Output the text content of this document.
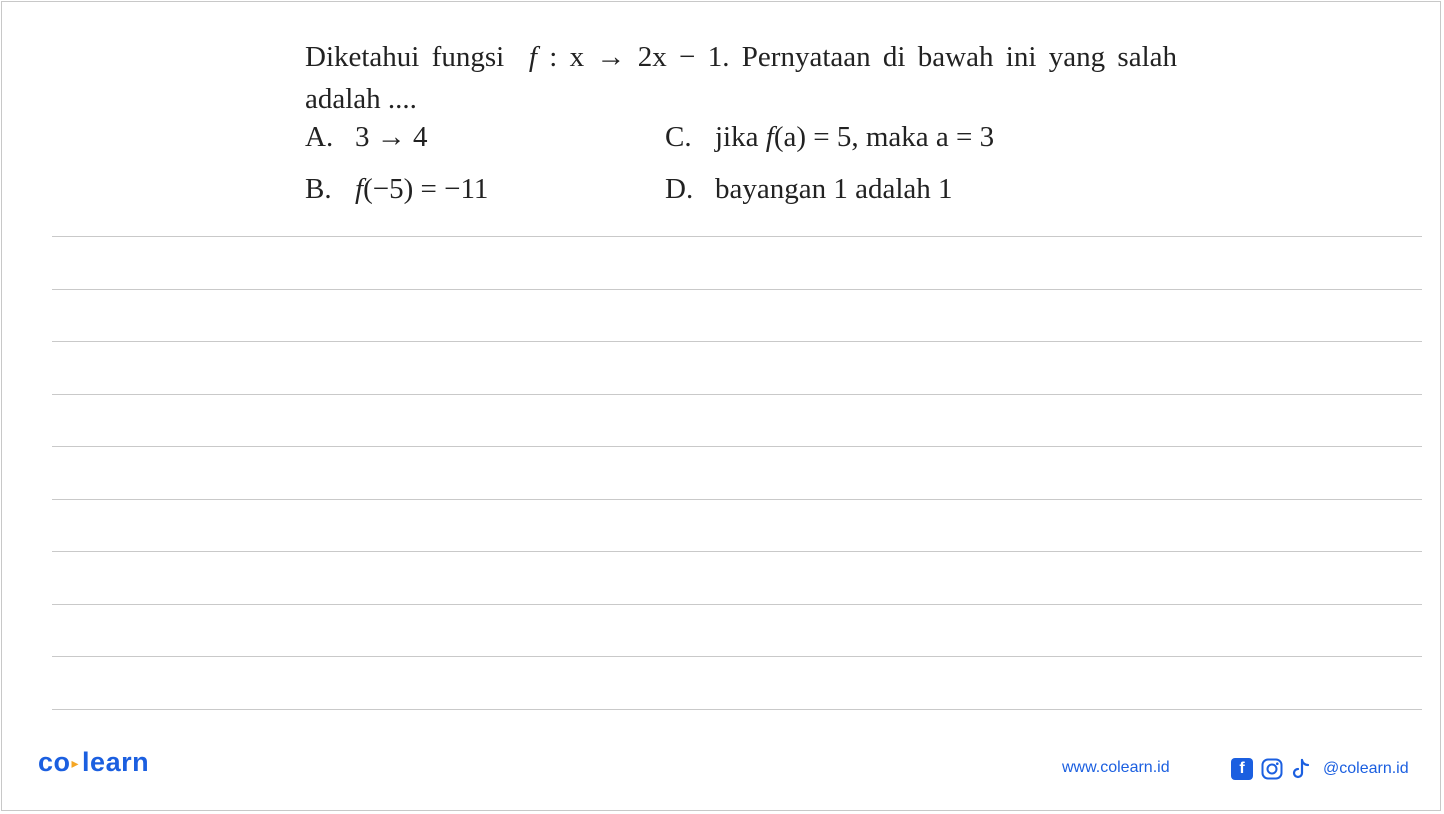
Diketahui fungsi f : x → 2x − 1. Pernyataan di bawah ini yang salah adalah ....

A. 3 → 4	C. jika f(a) = 5, maka a = 3
B. f(−5) = −11	D. bayangan 1 adalah 1
co▸ learn	www.colearn.id	f	@colearn.id
